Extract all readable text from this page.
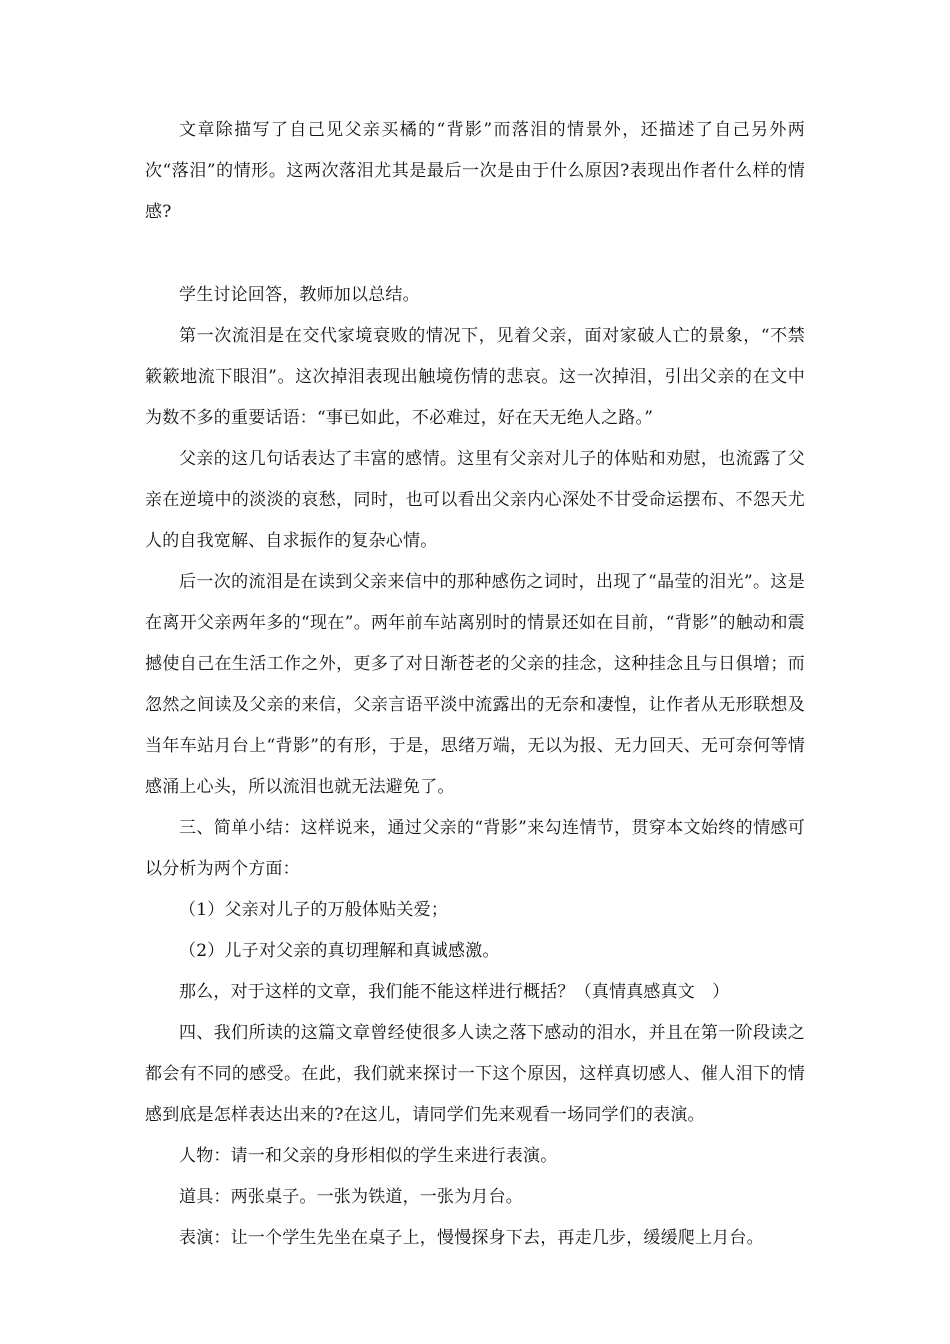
文章除描写了自己见父亲买橘的“背影”而落泪的情景外，还描述了自己另外两次“落泪”的情形。这两次落泪尤其是最后一次是由于什么原因?表现出作者什么样的情感?

学生讨论回答，教师加以总结。

第一次流泪是在交代家境衰败的情况下，见着父亲，面对家破人亡的景象，“不禁簌簌地流下眼泪”。这次掉泪表现出触境伤情的悲哀。这一次掉泪，引出父亲的在文中为数不多的重要话语：“事已如此，不必难过，好在天无绝人之路。”

父亲的这几句话表达了丰富的感情。这里有父亲对儿子的体贴和劝慰，也流露了父亲在逆境中的淡淡的哀愁，同时，也可以看出父亲内心深处不甘受命运摆布、不怨天尤人的自我宽解、自求振作的复杂心情。

后一次的流泪是在读到父亲来信中的那种感伤之词时，出现了“晶莹的泪光”。这是在离开父亲两年多的“现在”。两年前车站离别时的情景还如在目前，“背影”的触动和震撼使自己在生活工作之外，更多了对日渐苍老的父亲的挂念，这种挂念且与日俱增；而忽然之间读及父亲的来信，父亲言语平淡中流露出的无奈和凄惶，让作者从无形联想及当年车站月台上“背影”的有形，于是，思绪万端，无以为报、无力回天、无可奈何等情感涌上心头，所以流泪也就无法避免了。

三、简单小结：这样说来，通过父亲的“背影”来勾连情节，贯穿本文始终的情感可以分析为两个方面：

（1）父亲对儿子的万般体贴关爱；

（2）儿子对父亲的真切理解和真诚感激。

那么，对于这样的文章，我们能不能这样进行概括？（真情真感真文　）

四、我们所读的这篇文章曾经使很多人读之落下感动的泪水，并且在第一阶段读之都会有不同的感受。在此，我们就来探讨一下这个原因，这样真切感人、催人泪下的情感到底是怎样表达出来的?在这儿，请同学们先来观看一场同学们的表演。

人物：请一和父亲的身形相似的学生来进行表演。

道具：两张桌子。一张为铁道，一张为月台。

表演：让一个学生先坐在桌子上，慢慢探身下去，再走几步，缓缓爬上月台。
